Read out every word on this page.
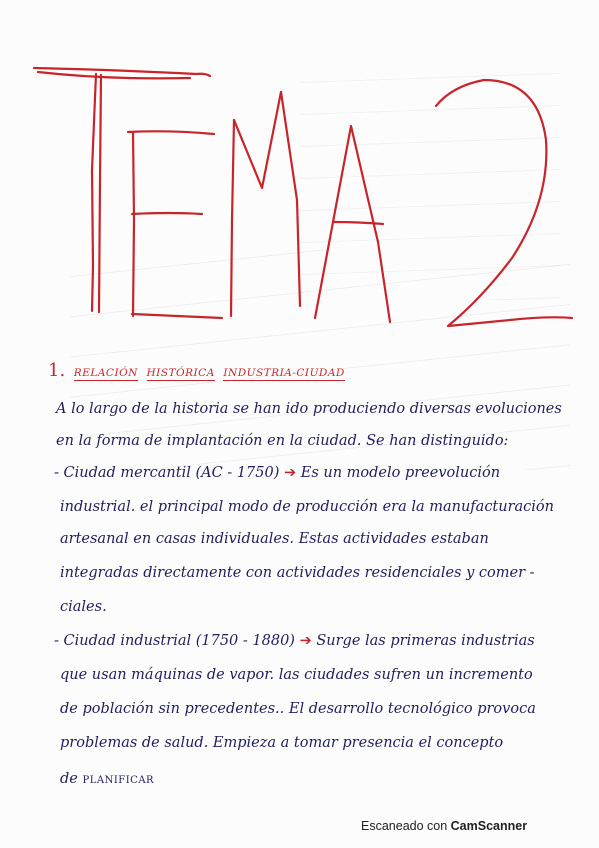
1. RELACIÓN HISTÓRICA INDUSTRIA-CIUDAD
A lo largo de la historia se han ido produciendo diversas evoluciones
en la forma de implantación en la ciudad. Se han distinguido:
- Ciudad mercantil (AC - 1750) ➔ Es un modelo preevolución
industrial. el principal modo de producción era la manufacturación
artesanal en casas individuales. Estas actividades estaban
integradas directamente con actividades residenciales y comer -
ciales.
- Ciudad industrial (1750 - 1880) ➔ Surge las primeras industrias
que usan máquinas de vapor. las ciudades sufren un incremento
de población sin precedentes.. El desarrollo tecnológico provoca
problemas de salud. Empieza a tomar presencia el concepto
de PLANIFICAR
Escaneado con CamScanner
